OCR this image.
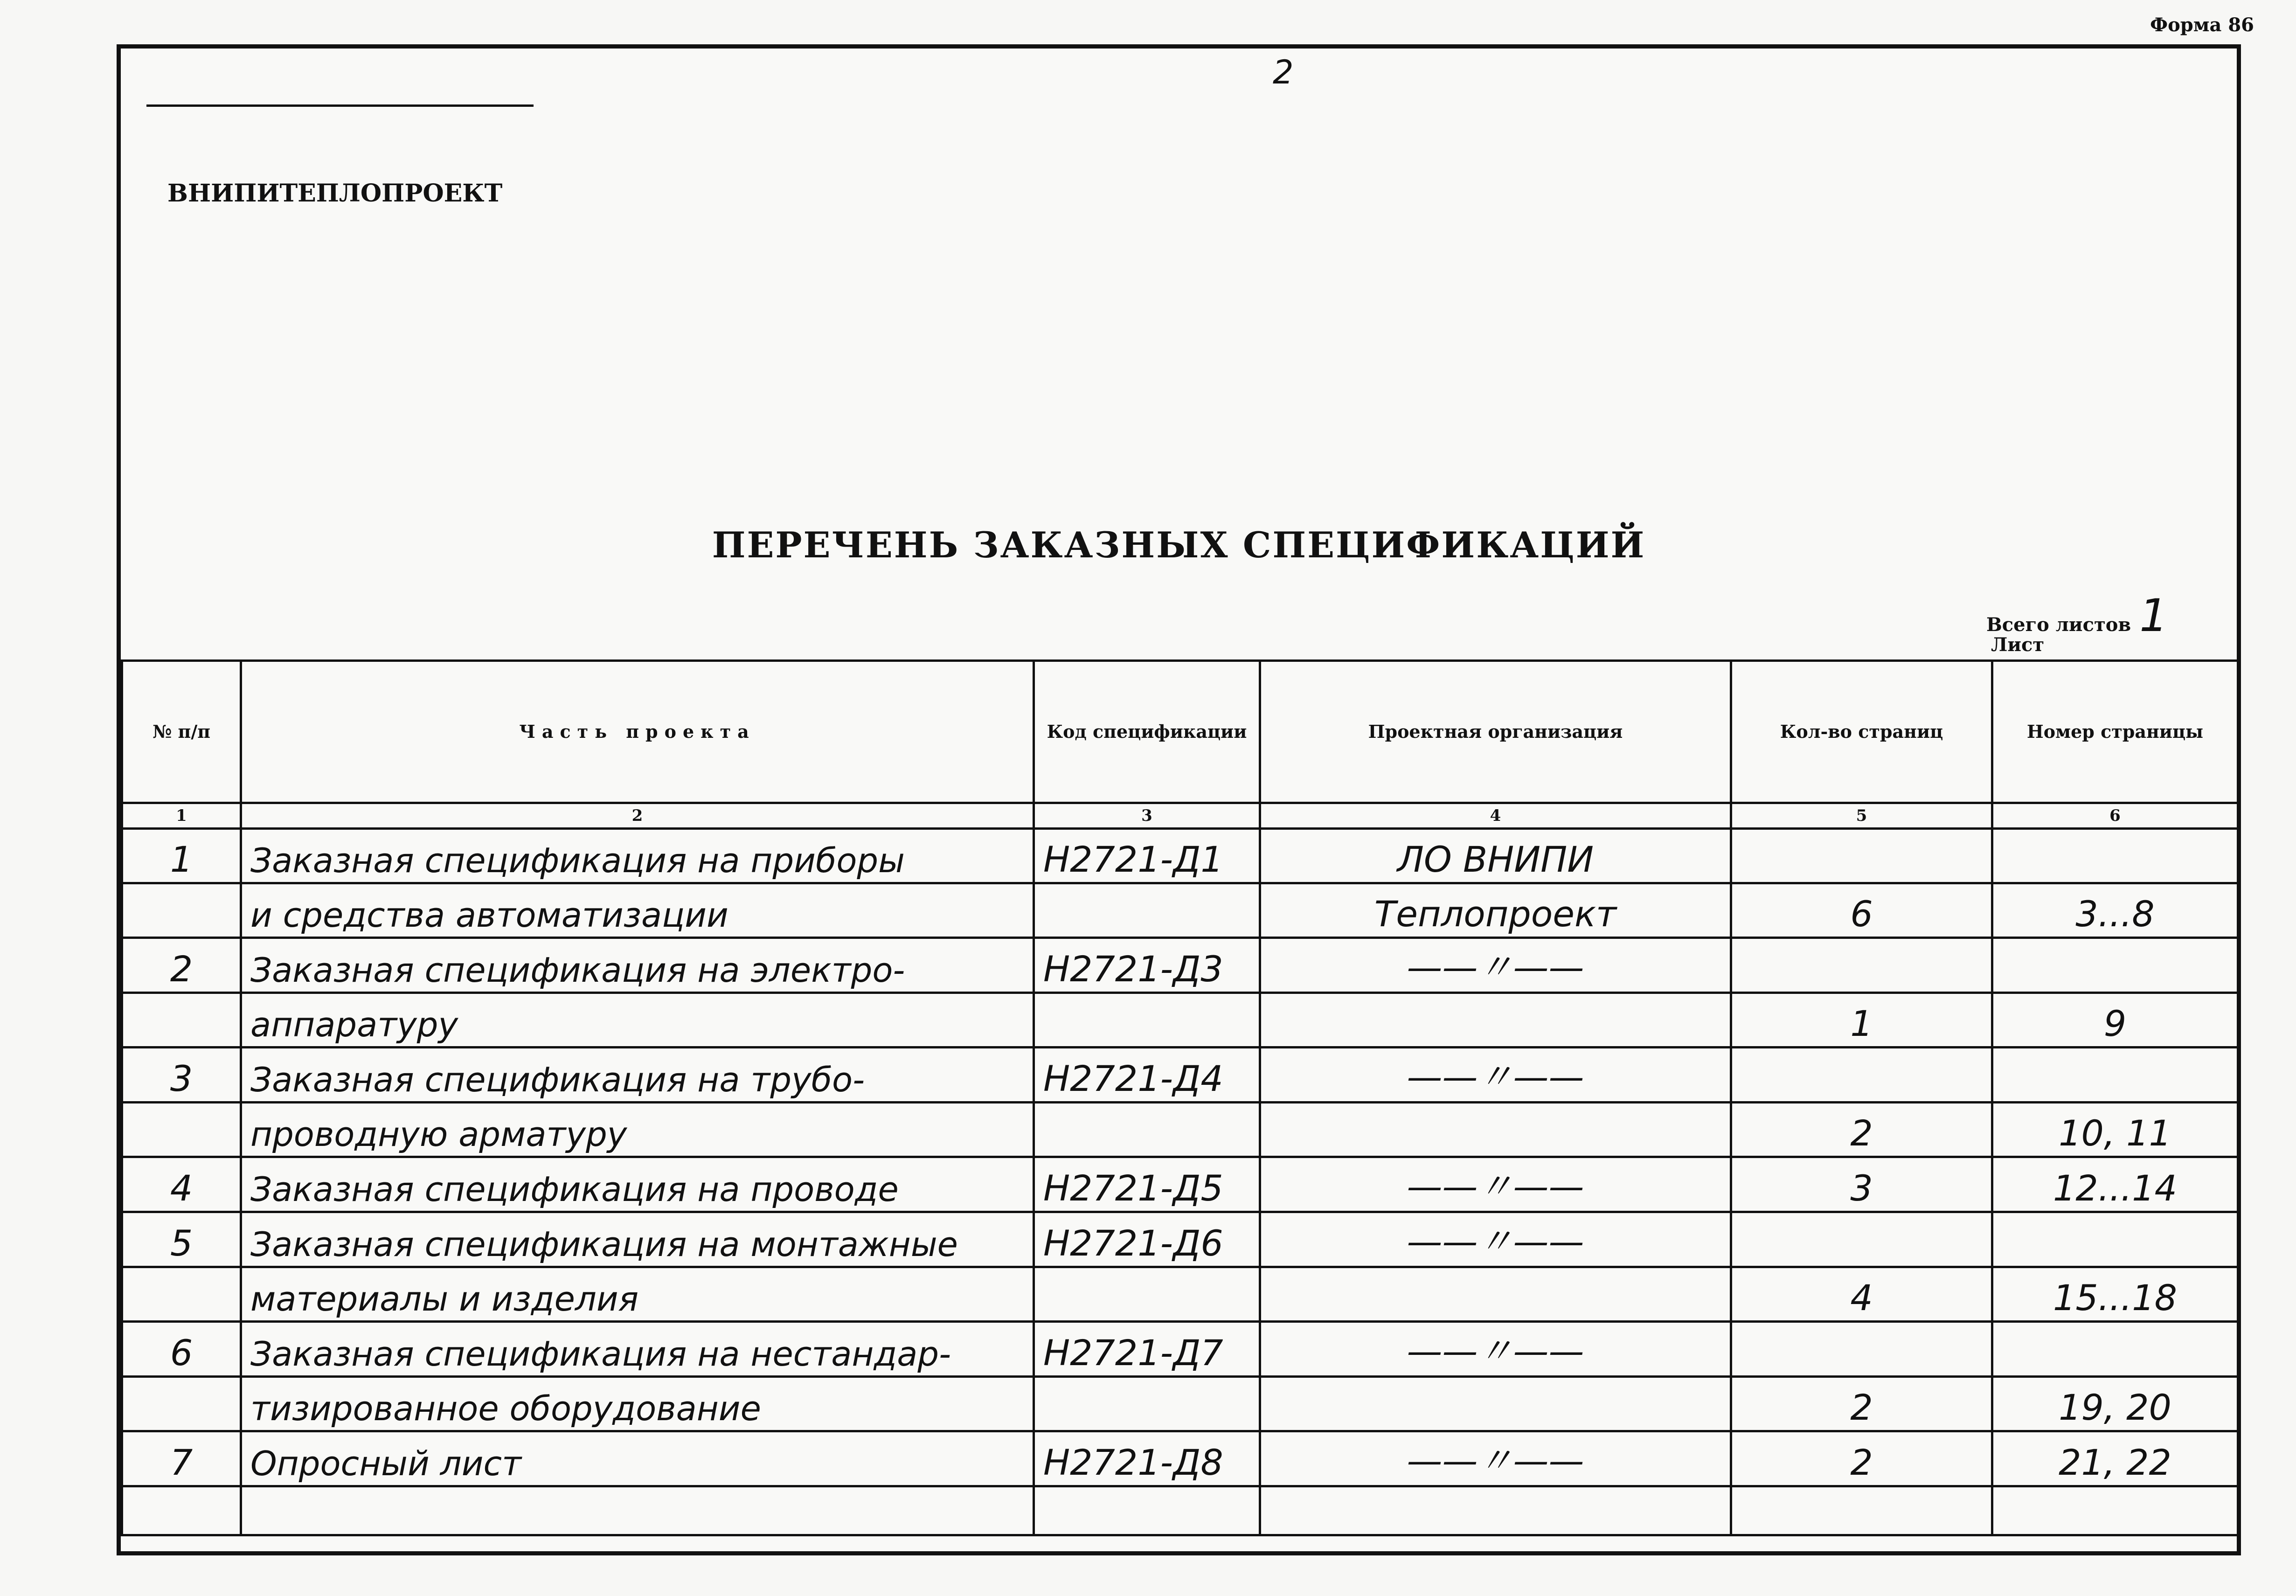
Форма 86
2
ВНИПИТЕПЛОПРОЕКТ
ПЕРЕЧЕНЬ ЗАКАЗНЫХ СПЕЦИФИКАЦИЙ
Всего листов 1
Лист
№ п/п	Часть проекта	Код спецификации	Проектная организация	Кол-во страниц	Номер страницы
1	2	3	4	5	6
1	Заказная спецификация на приборы	Н2721-Д1	ЛО ВНИПИ		
	и средства автоматизации		Теплопроект	6	3...8
2	Заказная спецификация на электро-	Н2721-Д3	——〃——		
	аппаратуру			1	9
3	Заказная спецификация на трубо-	Н2721-Д4	——〃——		
	проводную арматуру			2	10, 11
4	Заказная спецификация на проводе	Н2721-Д5	——〃——	3	12...14
5	Заказная спецификация на монтажные	Н2721-Д6	——〃——		
	материалы и изделия			4	15...18
6	Заказная спецификация на нестандар-	Н2721-Д7	——〃——		
	тизированное оборудование			2	19, 20
7	Опросный лист	Н2721-Д8	——〃——	2	21, 22
